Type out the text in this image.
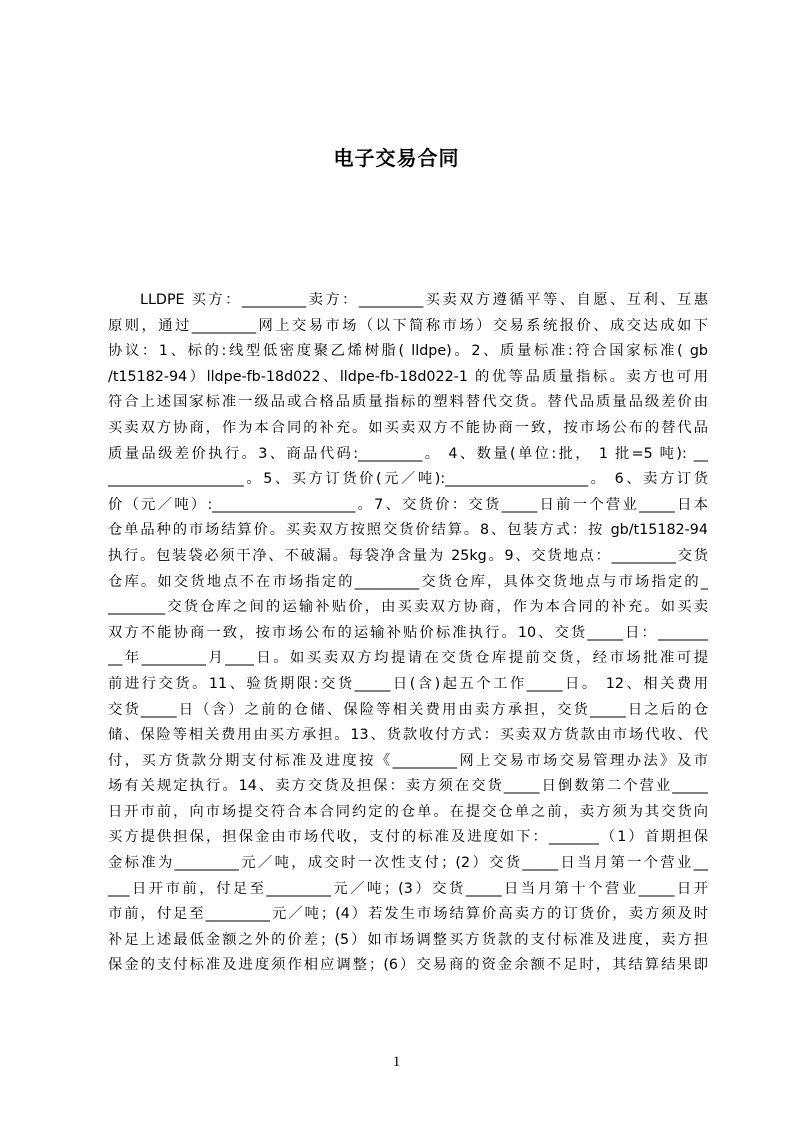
电子交易合同
LLDPE 买方：_________卖方：_________买卖双方遵循平等、自愿、互利、互惠
原则，通过_________网上交易市场（以下简称市场）交易系统报价、成交达成如下
协议：1、标的:线型低密度聚乙烯树脂( lldpe)。2、质量标准:符合国家标准( gb
/t15182-94）lldpe-fb-18d022、lldpe-fb-18d022-1 的优等品质量指标。卖方也可用
符合上述国家标准一级品或合格品质量指标的塑料替代交货。替代品质量品级差价由
买卖双方协商，作为本合同的补充。如买卖双方不能协商一致，按市场公布的替代品
质量品级差价执行。3、商品代码:_________。 4、数量(单位:批， 1 批=5 吨): __
___________________。5、买方订货价(元／吨):____________________。 6、卖方订货
价（元／吨）:____________________。7、交货价：交货_____日前一个营业_____日本
仓单品种的市场结算价。买卖双方按照交货价结算。8、包装方式：按 gb/t15182-94
执行。包装袋必须干净、不破漏。每袋净含量为 25kg。9、交货地点：_________交货
仓库。如交货地点不在市场指定的_________交货仓库，具体交货地点与市场指定的_
________交货仓库之间的运输补贴价，由买卖双方协商，作为本合同的补充。如买卖
双方不能协商一致，按市场公布的运输补贴价标准执行。10、交货_____日：_______
__年_________月____日。如买卖双方均提请在交货仓库提前交货，经市场批准可提
前进行交货。11、验货期限:交货_____日(含)起五个工作_____日。 12、相关费用
交货_____日（含）之前的仓储、保险等相关费用由卖方承担，交货_____日之后的仓
储、保险等相关费用由买方承担。13、货款收付方式：买卖双方货款由市场代收、代
付，买方货款分期支付标准及进度按《_________网上交易市场交易管理办法》及市
场有关规定执行。14、卖方交货及担保：卖方须在交货_____日倒数第二个营业_____
日开市前，向市场提交符合本合同约定的仓单。在提交仓单之前，卖方须为其交货向
买方提供担保，担保金由市场代收，支付的标准及进度如下：_______（1）首期担保
金标准为_________元／吨，成交时一次性支付；(2）交货_____日当月第一个营业__
___日开市前，付足至_________元／吨；(3）交货_____日当月第十个营业_____日开
市前，付足至_________元／吨；(4）若发生市场结算价高卖方的订货价，卖方须及时
补足上述最低金额之外的价差；(5）如市场调整买方货款的支付标准及进度，卖方担
保金的支付标准及进度须作相应调整；(6）交易商的资金余额不足时，其结算结果即
1
